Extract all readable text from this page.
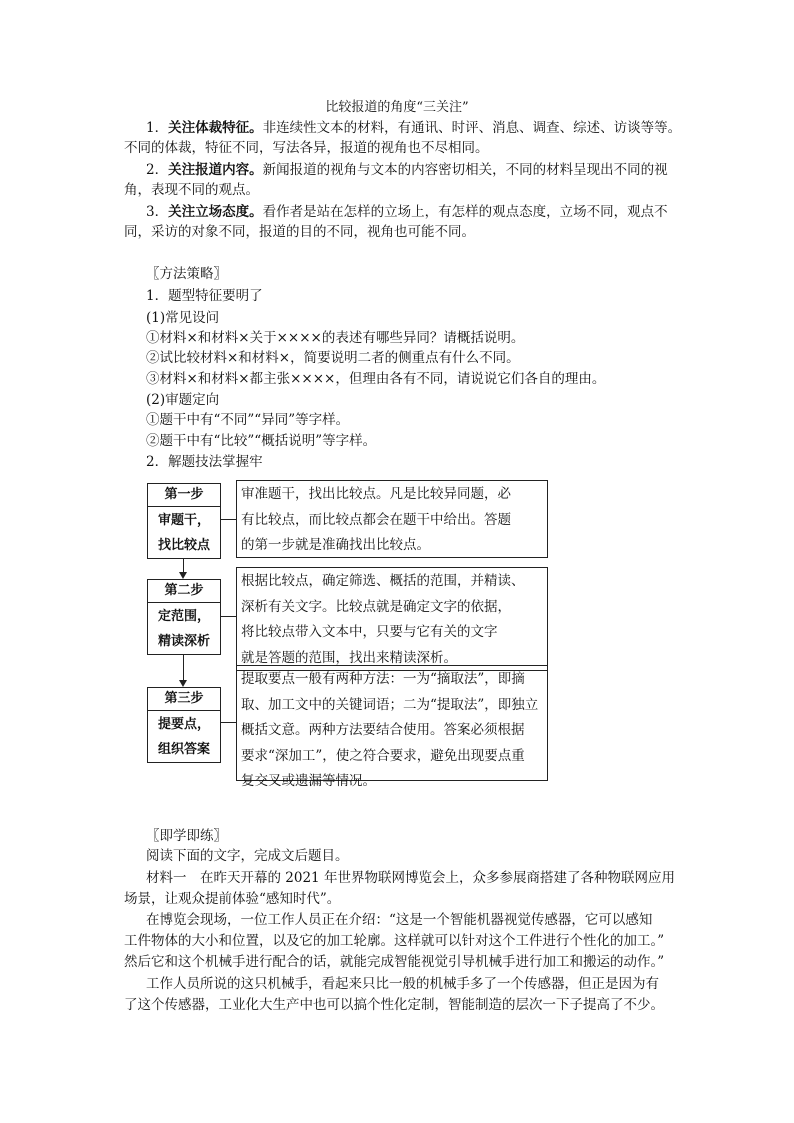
比较报道的角度“三关注”
1．关注体裁特征。非连续性文本的材料，有通讯、时评、消息、调查、综述、访谈等等。
不同的体裁，特征不同，写法各异，报道的视角也不尽相同。
2．关注报道内容。新闻报道的视角与文本的内容密切相关，不同的材料呈现出不同的视
角，表现不同的观点。
3．关注立场态度。看作者是站在怎样的立场上，有怎样的观点态度，立场不同，观点不
同，采访的对象不同，报道的目的不同，视角也可能不同。
〖方法策略〗
1．题型特征要明了
(1)常见设问
①材料×和材料×关于××××的表述有哪些异同？请概括说明。
②试比较材料×和材料×，简要说明二者的侧重点有什么不同。
③材料×和材料×都主张××××，但理由各有不同，请说说它们各自的理由。
(2)审题定向
①题干中有“不同”“异同”等字样。
②题干中有“比较”“概括说明”等字样。
2．解题技法掌握牢
第一步
审题干，
找比较点
审准题干，找出比较点。凡是比较异同题，必
有比较点，而比较点都会在题干中给出。答题
的第一步就是准确找出比较点。
第二步
定范围，
精读深析
根据比较点，确定筛选、概括的范围，并精读、
深析有关文字。比较点就是确定文字的依据，
将比较点带入文本中，只要与它有关的文字
就是答题的范围，找出来精读深析。
第三步
提要点，
组织答案
提取要点一般有两种方法：一为“摘取法”，即摘
取、加工文中的关键词语；二为“提取法”，即独立
概括文意。两种方法要结合使用。答案必须根据
要求“深加工”，使之符合要求，避免出现要点重
复交叉或遗漏等情况。
〖即学即练〗
阅读下面的文字，完成文后题目。
材料一　在昨天开幕的 2021 年世界物联网博览会上，众多参展商搭建了各种物联网应用
场景，让观众提前体验“感知时代”。
在博览会现场，一位工作人员正在介绍：“这是一个智能机器视觉传感器，它可以感知
工件物体的大小和位置，以及它的加工轮廓。这样就可以针对这个工件进行个性化的加工。”
然后它和这个机械手进行配合的话，就能完成智能视觉引导机械手进行加工和搬运的动作。”
工作人员所说的这只机械手，看起来只比一般的机械手多了一个传感器，但正是因为有
了这个传感器，工业化大生产中也可以搞个性化定制，智能制造的层次一下子提高了不少。
